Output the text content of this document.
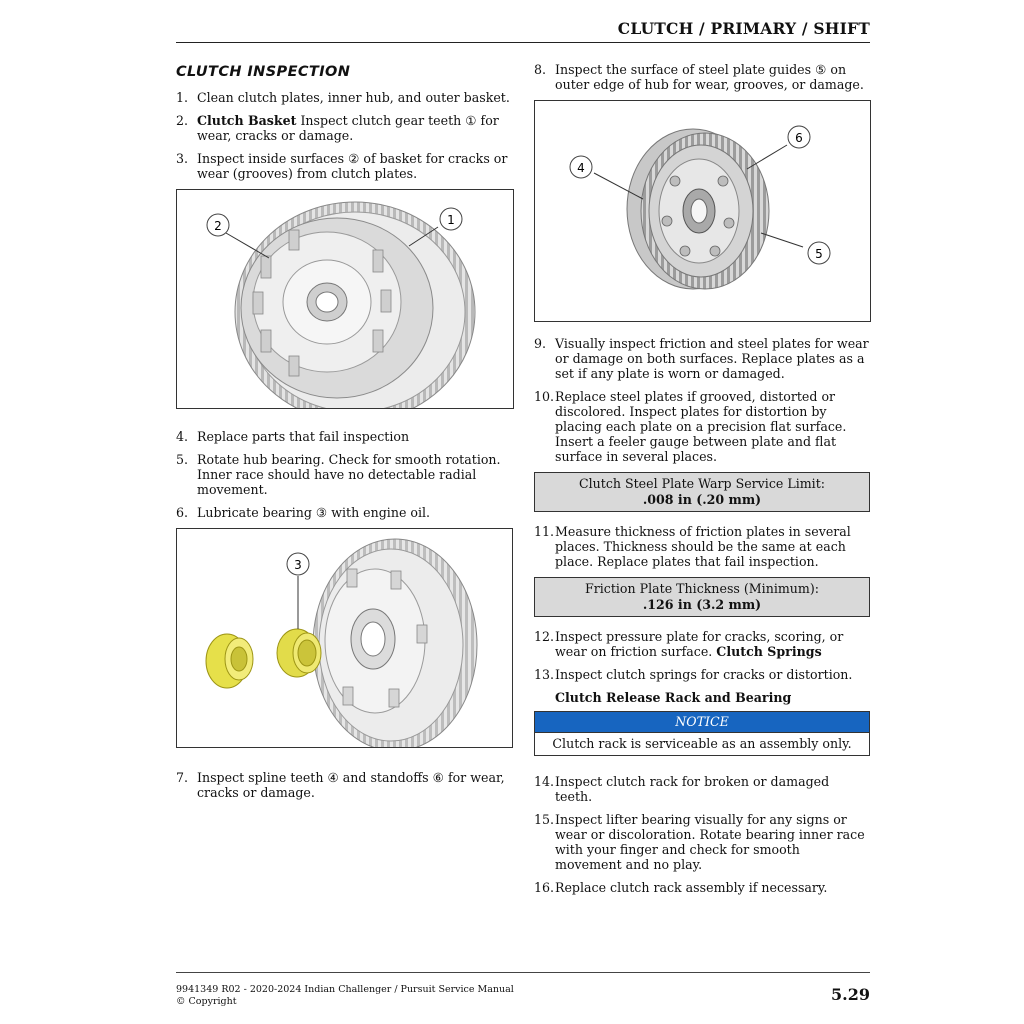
CLUTCH / PRIMARY / SHIFT
CLUTCH INSPECTION
1. Clean clutch plates, inner hub, and outer basket.
2. Clutch Basket Inspect clutch gear teeth ① for wear, cracks or damage.
3. Inspect inside surfaces ② of basket for cracks or wear (grooves) from clutch plates.
2	1
4. Replace parts that fail inspection
5. Rotate hub bearing. Check for smooth rotation. Inner race should have no detectable radial movement.
6. Lubricate bearing ③ with engine oil.
3
7. Inspect spline teeth ④ and standoffs ⑥ for wear, cracks or damage.
8. Inspect the surface of steel plate guides ⑤ on outer edge of hub for wear, grooves, or damage.
4
6
5
9. Visually inspect friction and steel plates for wear or damage on both surfaces. Replace plates as a set if any plate is worn or damaged.
10. Replace steel plates if grooved, distorted or discolored. Inspect plates for distortion by placing each plate on a precision flat surface. Insert a feeler gauge between plate and flat surface in several places.
Clutch Steel Plate Warp Service Limit:
.008 in (.20 mm)
11. Measure thickness of friction plates in several places. Thickness should be the same at each place. Replace plates that fail inspection.
Friction Plate Thickness (Minimum):
.126 in (3.2 mm)
12. Inspect pressure plate for cracks, scoring, or wear on friction surface. Clutch Springs
13. Inspect clutch springs for cracks or distortion.
Clutch Release Rack and Bearing
NOTICE
Clutch rack is serviceable as an assembly only.
14. Inspect clutch rack for broken or damaged teeth.
15. Inspect lifter bearing visually for any signs or wear or discoloration. Rotate bearing inner race with your finger and check for smooth movement and no play.
16. Replace clutch rack assembly if necessary.
9941349 R02 - 2020-2024 Indian Challenger / Pursuit Service Manual
© Copyright	5.29
